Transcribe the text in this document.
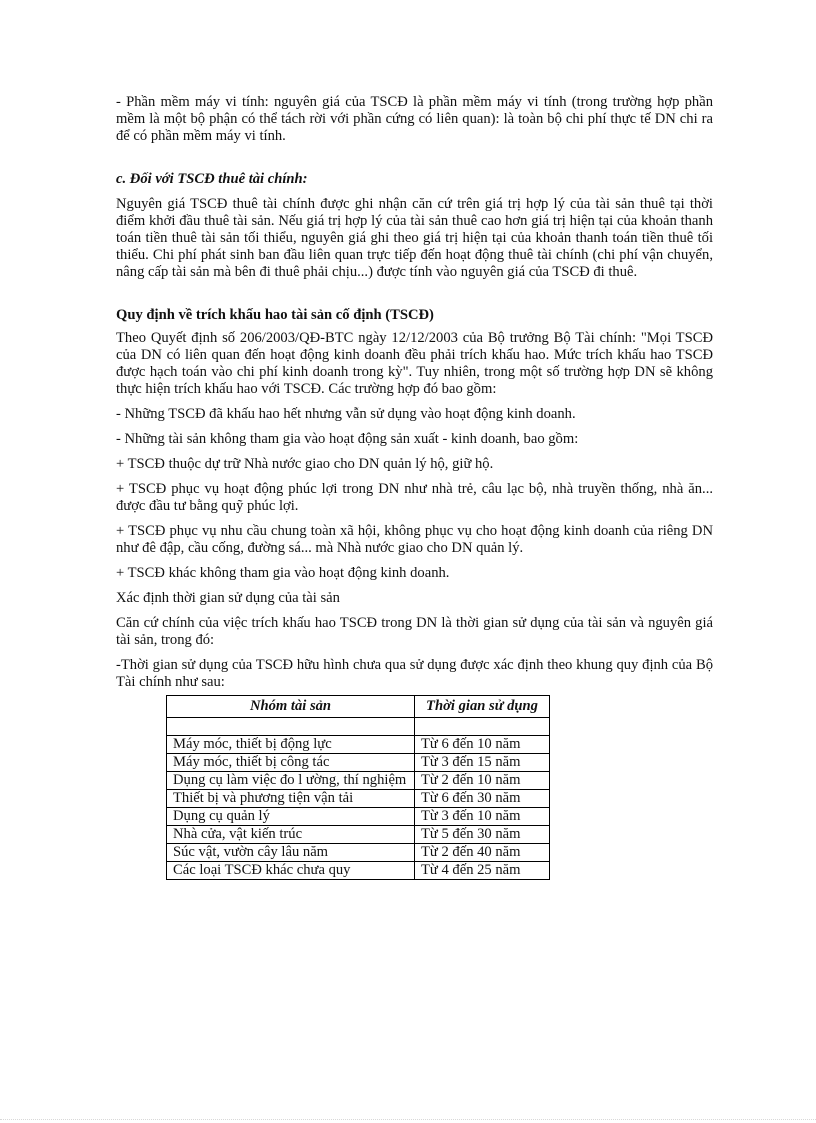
- Phần mềm máy vi tính: nguyên giá của TSCĐ là phần mềm máy vi tính (trong trường hợp phần mềm là một bộ phận có thể tách rời với phần cứng có liên quan): là toàn bộ chi phí thực tế DN chi ra để có phần mềm máy vi tính.

c. Đối với TSCĐ thuê tài chính:

Nguyên giá TSCĐ thuê tài chính được ghi nhận căn cứ trên giá trị hợp lý của tài sản thuê tại thời điểm khởi đầu thuê tài sản. Nếu giá trị hợp lý của tài sản thuê cao hơn giá trị hiện tại của khoản thanh toán tiền thuê tài sản tối thiểu, nguyên giá ghi theo giá trị hiện tại của khoản thanh toán tiền thuê tối thiểu. Chi phí phát sinh ban đầu liên quan trực tiếp đến hoạt động thuê tài chính (chi phí vận chuyển, nâng cấp tài sản mà bên đi thuê phải chịu...) được tính vào nguyên giá của TSCĐ đi thuê.

Quy định về trích khấu hao tài sản cố định (TSCĐ)

Theo Quyết định số 206/2003/QĐ-BTC ngày 12/12/2003 của Bộ trưởng Bộ Tài chính: "Mọi TSCĐ của DN có liên quan đến hoạt động kinh doanh đều phải trích khấu hao. Mức trích khấu hao TSCĐ được hạch toán vào chi phí kinh doanh trong kỳ". Tuy nhiên, trong một số trường hợp DN sẽ không thực hiện trích khấu hao với TSCĐ. Các trường hợp đó bao gồm:

- Những TSCĐ đã khấu hao hết nhưng vẫn sử dụng vào hoạt động kinh doanh.

- Những tài sản không tham gia vào hoạt động sản xuất - kinh doanh, bao gồm:

+ TSCĐ thuộc dự trữ Nhà nước giao cho DN quản lý hộ, giữ hộ.

+ TSCĐ phục vụ hoạt động phúc lợi trong DN như nhà trẻ, câu lạc bộ, nhà truyền thống, nhà ăn... được đầu tư bằng quỹ phúc lợi.

+ TSCĐ phục vụ nhu cầu chung toàn xã hội, không phục vụ cho hoạt động kinh doanh của riêng DN như đê đập, cầu cống, đường sá... mà Nhà nước giao cho DN quản lý.

+ TSCĐ khác không tham gia vào hoạt động kinh doanh.

Xác định thời gian sử dụng của tài sản

Căn cứ chính của việc trích khấu hao TSCĐ trong DN là thời gian sử dụng của tài sản và nguyên giá tài sản, trong đó:

-Thời gian sử dụng của TSCĐ hữu hình chưa qua sử dụng được xác định theo khung quy định của Bộ Tài chính như sau:

Nhóm tài sản	Thời gian sử dụng

Máy móc, thiết bị động lực	Từ 6 đến 10 năm
Máy móc, thiết bị công tác	Từ 3 đến 15 năm
Dụng cụ làm việc đo l ường, thí nghiệm	Từ 2 đến 10 năm
Thiết bị và phương tiện vận tải	Từ 6 đến 30 năm
Dụng cụ quản lý	Từ 3 đến 10 năm
Nhà cửa, vật kiến trúc	Từ 5 đến 30 năm
Súc vật, vườn cây lâu năm	Từ 2 đến 40 năm
Các loại TSCĐ khác chưa quy	Từ 4 đến 25 năm
